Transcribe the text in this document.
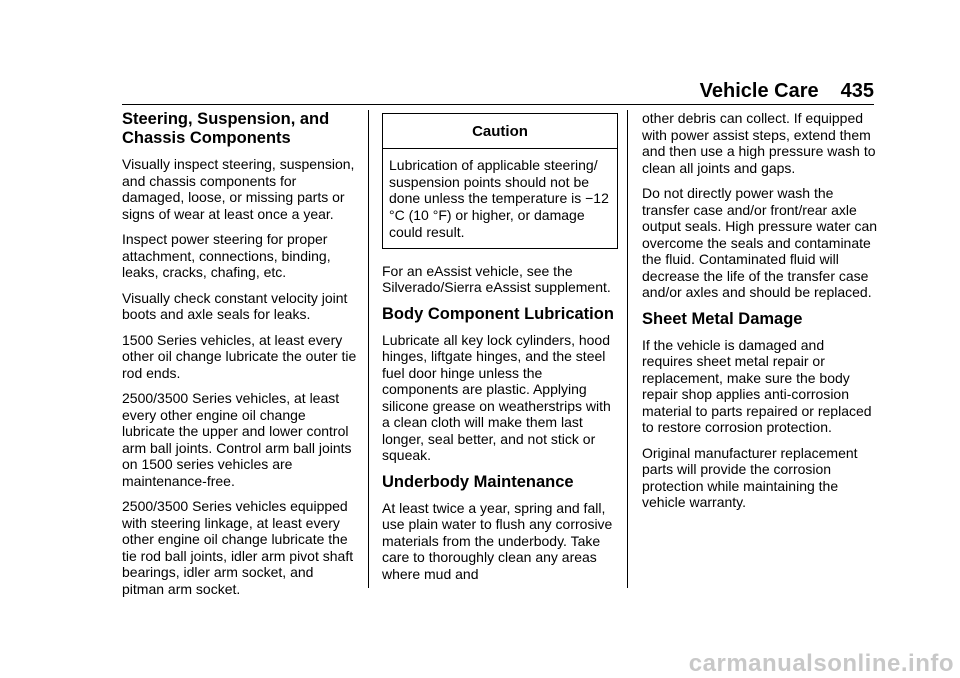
Vehicle Care 435
Steering, Suspension, and Chassis Components

Visually inspect steering, suspension, and chassis components for damaged, loose, or missing parts or signs of wear at least once a year.

Inspect power steering for proper attachment, connections, binding, leaks, cracks, chafing, etc.

Visually check constant velocity joint boots and axle seals for leaks.

1500 Series vehicles, at least every other oil change lubricate the outer tie rod ends.

2500/3500 Series vehicles, at least every other engine oil change lubricate the upper and lower control arm ball joints. Control arm ball joints on 1500 series vehicles are maintenance-free.

2500/3500 Series vehicles equipped with steering linkage, at least every other engine oil change lubricate the tie rod ball joints, idler arm pivot shaft bearings, idler arm socket, and pitman arm socket.

Caution
Lubrication of applicable steering/ suspension points should not be done unless the temperature is −12 °C (10 °F) or higher, or damage could result.

For an eAssist vehicle, see the Silverado/Sierra eAssist supplement.

Body Component Lubrication

Lubricate all key lock cylinders, hood hinges, liftgate hinges, and the steel fuel door hinge unless the components are plastic. Applying silicone grease on weatherstrips with a clean cloth will make them last longer, seal better, and not stick or squeak.

Underbody Maintenance

At least twice a year, spring and fall, use plain water to flush any corrosive materials from the underbody. Take care to thoroughly clean any areas where mud and

other debris can collect. If equipped with power assist steps, extend them and then use a high pressure wash to clean all joints and gaps.

Do not directly power wash the transfer case and/or front/rear axle output seals. High pressure water can overcome the seals and contaminate the fluid. Contaminated fluid will decrease the life of the transfer case and/or axles and should be replaced.

Sheet Metal Damage

If the vehicle is damaged and requires sheet metal repair or replacement, make sure the body repair shop applies anti-corrosion material to parts repaired or replaced to restore corrosion protection.

Original manufacturer replacement parts will provide the corrosion protection while maintaining the vehicle warranty.

carmanualsonline.info
